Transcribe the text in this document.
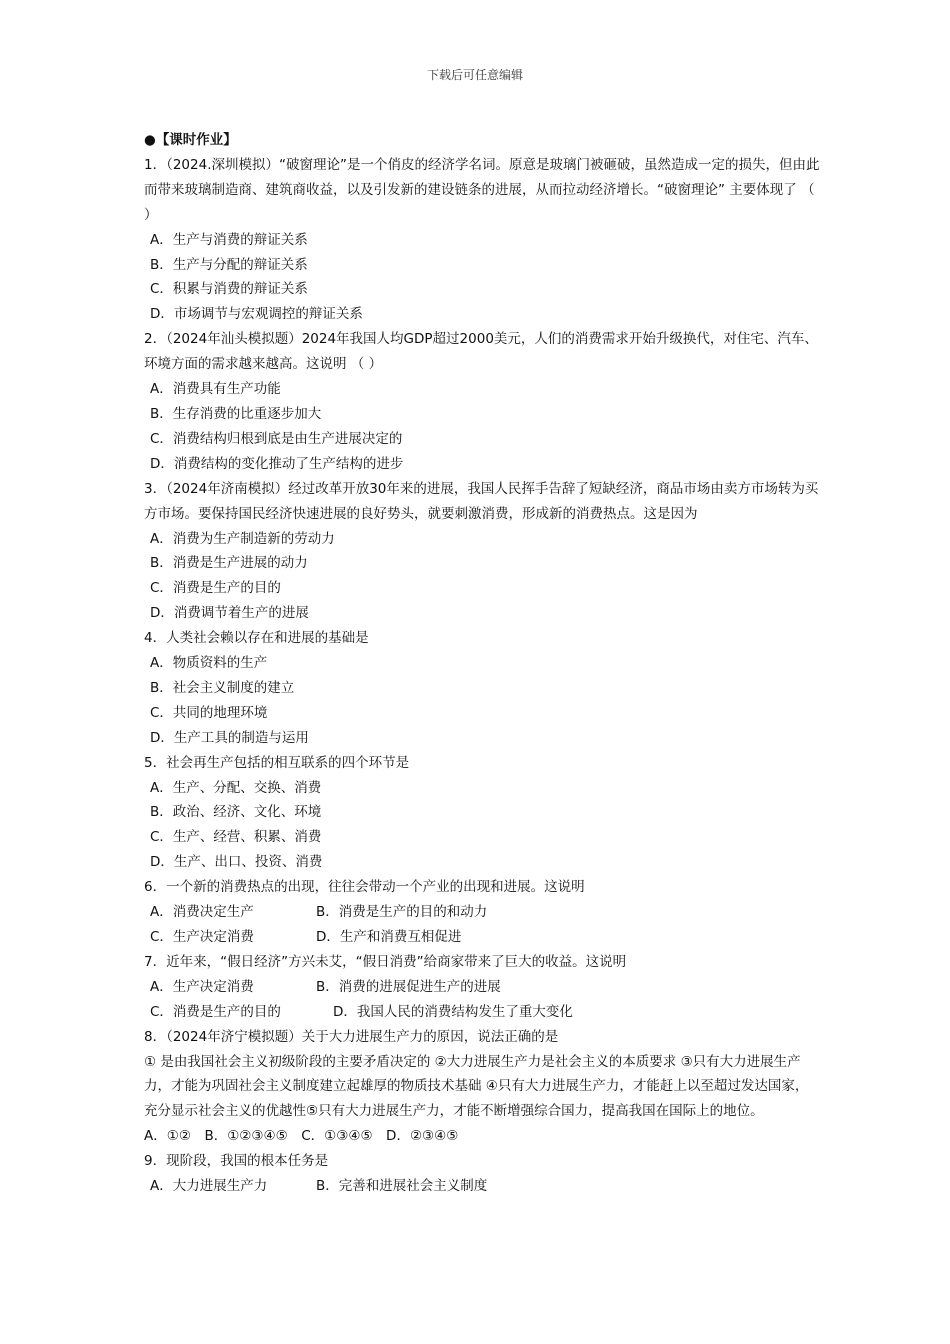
下载后可任意编辑
●【课时作业】
1．（2024.深圳模拟）“破窗理论”是一个俏皮的经济学名词。原意是玻璃门被砸破，虽然造成一定的损失，但由此而带来玻璃制造商、建筑商收益，以及引发新的建设链条的进展，从而拉动经济增长。“破窗理论” 主要体现了 （ ）
A．生产与消费的辩证关系
B．生产与分配的辩证关系
C．积累与消费的辩证关系
D．市场调节与宏观调控的辩证关系
2．（2024年汕头模拟题）2024年我国人均GDP超过2000美元，人们的消费需求开始升级换代，对住宅、汽车、环境方面的需求越来越高。这说明 （ ）
A．消费具有生产功能
B．生存消费的比重逐步加大
C．消费结构归根到底是由生产进展决定的
D．消费结构的变化推动了生产结构的进步
3．（2024年济南模拟）经过改革开放30年来的进展，我国人民挥手告辞了短缺经济，商品市场由卖方市场转为买方市场。要保持国民经济快速进展的良好势头，就要刺激消费，形成新的消费热点。这是因为
A．消费为生产制造新的劳动力
B．消费是生产进展的动力
C．消费是生产的目的
D．消费调节着生产的进展
4．人类社会赖以存在和进展的基础是
A．物质资料的生产
B．社会主义制度的建立
C．共同的地理环境
D．生产工具的制造与运用
5．社会再生产包括的相互联系的四个环节是
A．生产、分配、交换、消费
B．政治、经济、文化、环境
C．生产、经营、积累、消费
D．生产、出口、投资、消费
6．一个新的消费热点的出现，往往会带动一个产业的出现和进展。这说明
A．消费决定生产	B．消费是生产的目的和动力
C．生产决定消费	D．生产和消费互相促进
7．近年来，“假日经济”方兴未艾，“假日消费”给商家带来了巨大的收益。这说明
A．生产决定消费	B．消费的进展促进生产的进展
C．消费是生产的目的	D．我国人民的消费结构发生了重大变化
8．（2024年济宁模拟题）关于大力进展生产力的原因，说法正确的是
① 是由我国社会主义初级阶段的主要矛盾决定的 ②大力进展生产力是社会主义的本质要求 ③只有大力进展生产力，才能为巩固社会主义制度建立起雄厚的物质技术基础 ④只有大力进展生产力，才能赶上以至超过发达国家，充分显示社会主义的优越性⑤只有大力进展生产力，才能不断增强综合国力，提高我国在国际上的地位。
A．①②　B．①②③④⑤　C．①③④⑤　D．②③④⑤
9．现阶段，我国的根本任务是
A．大力进展生产力	B．完善和进展社会主义制度
